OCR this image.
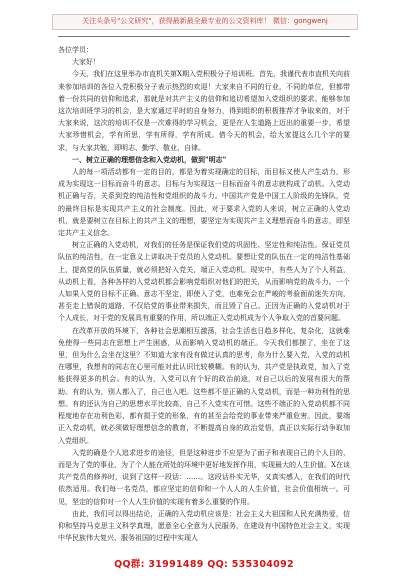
关注头条号"公文研究"，获得最新最全最专业的公文资料库！ 微信：gongwenj

各位学员：

大家好！

今天，我们在这里举办市直机关第X期入党积极分子培训班。首先，我谨代表市直机关向前来参加培训的各位入党积极分子表示热烈的欢迎！大家来自不同的行业，不同的单位，但都带着一份共同的信仰和追求，那就是对共产主义的信仰和追切希望加入党组织的要求。能够参加这次培训班学习的机会，是大家通过平时的自身努力，得到组织的积极推荐才争取来的，对于大家来说，这次的培训不仅是一次难得的学习机会，更是在人生道路上迈出的重要一步，希望大家珍惜机会，学有所思，学有所得，学有所成。借今天的机会，给大家提这么几个字的要求，与大家共勉，即明志、勤学、敬业、自律。

一、树立正确的理想信念和入党动机，做到"明志"

人的每一项活动都有一定的目的，都是为着实现确定的目标，而目标又使人产生动力，形成为实现这一目标而奋斗的意志。目标与为实现这一目标而奋斗的意志就构成了动机。入党动机正确与否，关系到党的纯洁性和党组织的战斗力。中国共产党是中国工人阶级的先锋队，党的最终目标是实现共产主义的社会制度。因此，对于要求入党的人来说，树立正确的入党动机，就是要树立在目标上的共产主义的理想，要坚定为实现共产主义理想而奋斗的意志，即坚定共产主义信念。

树立正确的入党动机，对我们的任务是保证我们党的巩固性、坚定性和纯洁性。保证党员队伍的纯洁性，在一定意义上讲取决于党员的入党动机。要想让党的队伍在一定的纯洁性基础上，提高党的队伍质量，就必须把好入党关，端正入党动机。现实中，有些人为了个人利益，从动机上看，各种各样的入党动机都会影响党组织对他们的把关，从而影响党的战斗力。一个人如果入党的目标不正确、意志不坚定，即使入了党，也难免会在严峻的考验面前迷失方向，甚至走上错误的道路，不仅给党的事业带来损失，而且毁了自己。正因为正确的入党动机对于个人成长，对于党的发展具有重要的作用，所以端正入党动机成为个人争取入党的首要问题。

在改革开放的环境下，各种社会思潮相互激荡，社会生活也日趋多样化、复杂化，这就难免使得一些同志在思想上产生困惑，从而影响入党动机的端正。今天我们都摆了，坐在了这里，但为什么会坐在这里？不知道大家有没有做过认真的思考，你为什么要入党，入党的动机在哪里，我想有的同志在心里可能对此认识比较模糊。有的认为，共产党是执政党，加入了党能获得更多的机会。有的认为，入党可以有个好的政治前途，对自己以后的发展有很大的帮助。有的认为，别人都入了，自己也入吧。这些都不是正确的入党动机，而是一种功利性的思想。有的还认为自己的思想水平比较高，自己不入党实在可惜。这些不端正的入党动机都不同程度地存在功利色彩，都有损于党的形象，有的甚至会给党的事业带来严重危害。因此，要端正入党动机，就必须做好理想信念的教育，不断提高自身的政治觉悟，真正以实际行动争取加入党组织。

入党的确是个人追求进步的途径，但是这种进步不应是为了面子和表现自己的个人目的，而是为了党的事业，为了个人能在所处的环境中更好地发挥作用，实现最大的人生价值。X在谈共产党员的修养时，说到了这样一段话：……。这段话朴实无华，又真实感人，在我们的时代依然适用。我们每一名党员，都应坚定的信仰和一个人人的人生价值，社会价值相统一。可见，坚定的信仰对一个人人生价值的实现有着多么重要的作用。

由此，我们可以得出结论，正确的入党动机应该是：社会主义大祖国和人民充满热爱，信仰和坚持马克思主义科学真理，愿意全心全意为人民服务，在建设有中国特色社会主义，实现中华民族伟大复兴、服务祖国的过程中实现人

QQ群: 31991489 QQ: 535304092
